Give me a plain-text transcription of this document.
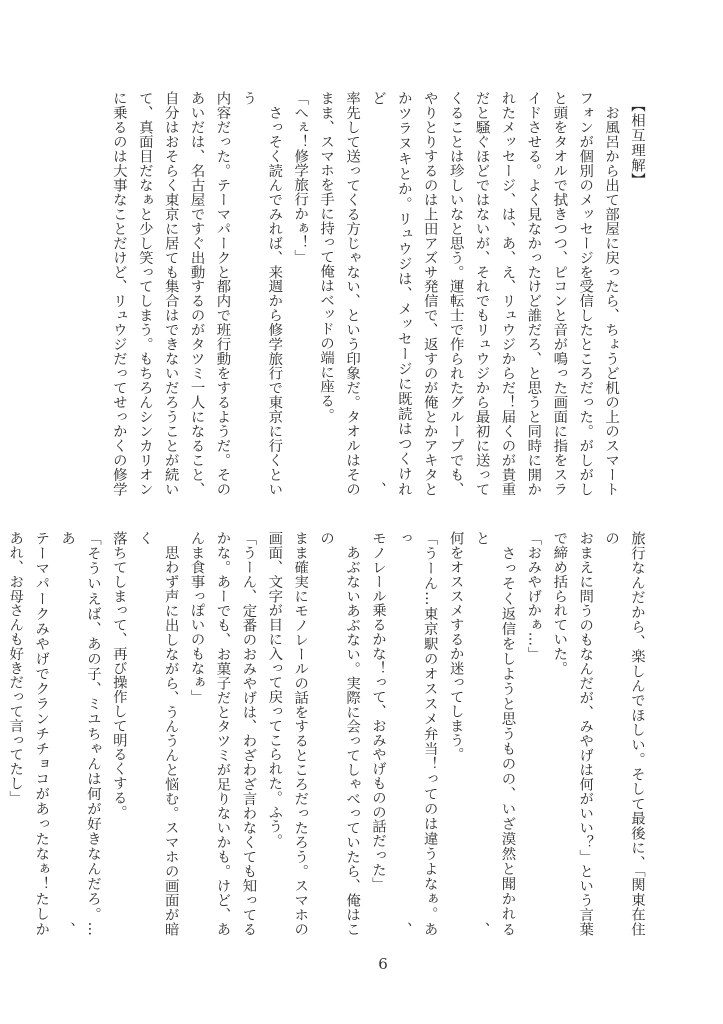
【相互理解】
　お風呂から出て部屋に戻ったら、ちょうど机の上のスマート
フォンが個別のメッセージを受信したところだった。がしがし
と頭をタオルで拭きつつ、ピコンと音が鳴った画面に指をスラ
イドさせる。よく見なかったけど誰だろ、と思うと同時に開か
れたメッセージ、は、あ、え、リュウジからだ！届くのが貴重
だと騒ぐほどではないが、それでもリュウジから最初に送って
くることは珍しいなと思う。運転士で作られたグループでも、
やりとりするのは上田アズサ発信で、返すのが俺とかアキタと
かツラヌキとか。リュウジは、メッセージに既読はつくけれど、
率先して送ってくる方じゃない、という印象だ。タオルはその
まま、スマホを手に持って俺はベッドの端に座る。
「へぇ！修学旅行かぁ！」
　さっそく読んでみれば、来週から修学旅行で東京に行くという
内容だった。テーマパークと都内で班行動をするようだ。その
あいだは、名古屋ですぐ出動するのがタツミ一人になること、
自分はおそらく東京に居ても集合はできないだろうことが続い
て、真面目だなぁと少し笑ってしまう。もちろんシンカリオン
に乗るのは大事なことだけど、リュウジだってせっかくの修学
旅行なんだから、楽しんでほしい。そして最後に、「関東在住の
おまえに問うのもなんだが、みやげは何がいい？」という言葉
で締め括られていた。
「おみやげかぁ…」
　さっそく返信をしようと思うものの、いざ漠然と聞かれると、
何をオススメするか迷ってしまう。
「うーん…東京駅のオススメ弁当！ってのは違うよなぁ。あっ、
モノレール乗るかな！って、おみやげものの話だった」
　あぶないあぶない。実際に会ってしゃべっていたら、俺はこの
まま確実にモノレールの話をするところだったろう。スマホの
画面、文字が目に入って戻ってこられた。ふう。
「うーん、定番のおみやげは、わざわざ言わなくても知ってる
かな。あーでも、お菓子だとタツミが足りないかも。けど、あ
んま食事っぽいのもなぁ」
　思わず声に出しながら、うんうんと悩む。スマホの画面が暗く
落ちてしまって、再び操作して明るくする。
「そういえば、あの子、ミユちゃんは何が好きなんだろ。…あ、
テーマパークみやげでクランチチョコがあったなぁ！たしか
あれ、お母さんも好きだって言ってたし」
6
